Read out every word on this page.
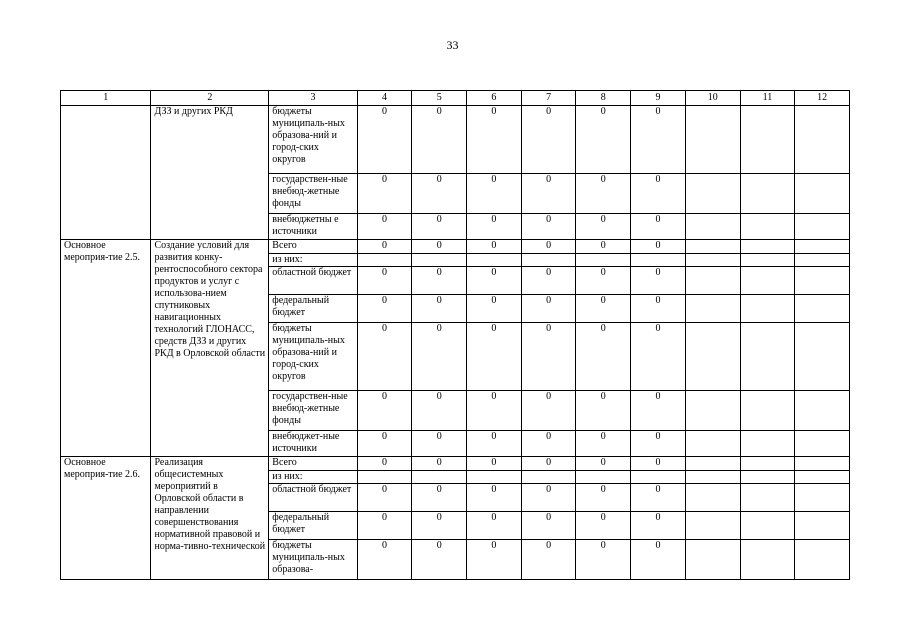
33
1	2	3	4	5	6	7	8	9	10	11	12
	ДЗЗ и других РКД	бюджеты муниципаль-ных образова-ний и город-ских округов	0	0	0	0	0	0			
		государствен-ные внебюд-жетные фонды	0	0	0	0	0	0			
		внебюджетны е источники	0	0	0	0	0	0			
Основное мероприя-тие 2.5.	Создание условий для развития конку-рентоспособного сектора продуктов и услуг с использова-нием спутниковых навигационных технологий ГЛОНАСС, средств ДЗЗ и других РКД в Орловской области	Всего	0	0	0	0	0	0			
		из них:									
		областной бюджет	0	0	0	0	0	0			
		федеральный бюджет	0	0	0	0	0	0			
		бюджеты муниципаль-ных образова-ний и город-ских округов	0	0	0	0	0	0			
		государствен-ные внебюд-жетные фонды	0	0	0	0	0	0			
		внебюджет-ные источники	0	0	0	0	0	0			
Основное мероприя-тие 2.6.	Реализация общесистемных мероприятий в Орловской области в направлении совершенствования нормативной правовой и норма-тивно-технической	Всего	0	0	0	0	0	0			
		из них:									
		областной бюджет	0	0	0	0	0	0			
		федеральный бюджет	0	0	0	0	0	0			
		бюджеты муниципаль-ных образова-	0	0	0	0	0	0			
